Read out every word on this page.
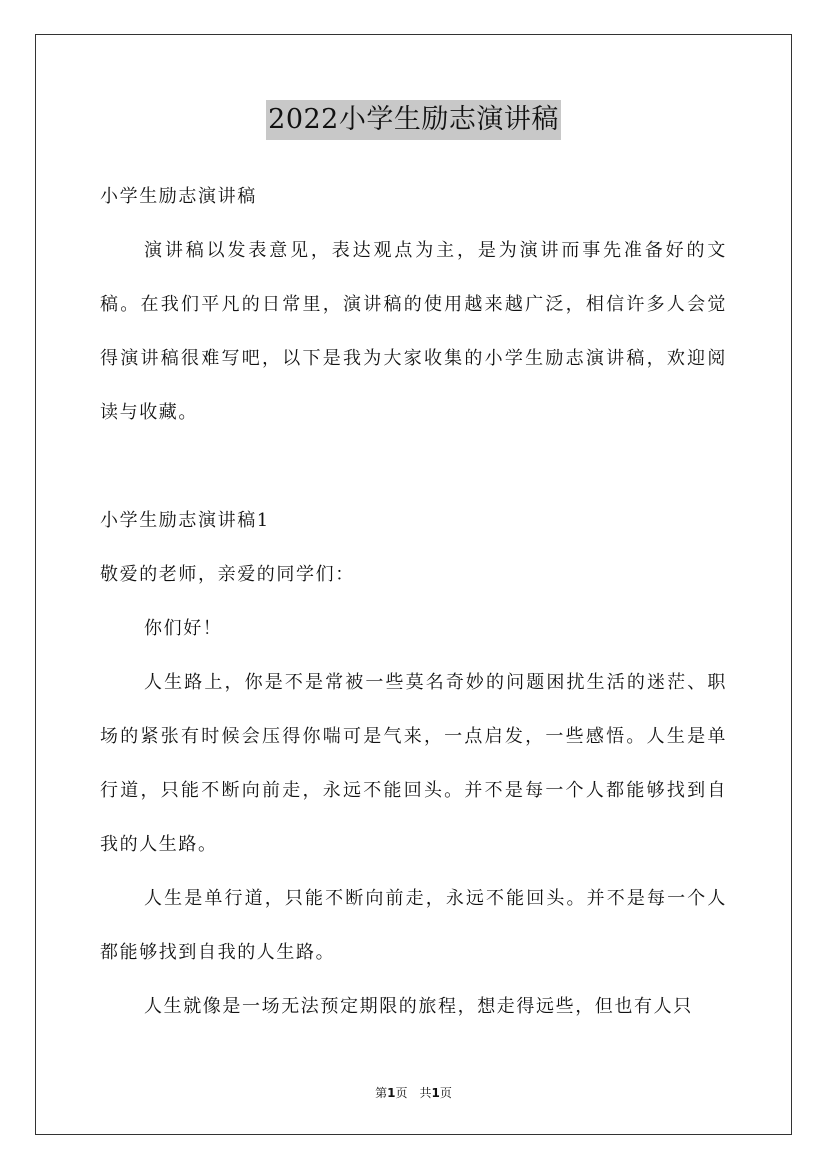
2022小学生励志演讲稿
小学生励志演讲稿

演讲稿以发表意见，表达观点为主，是为演讲而事先准备好的文稿。在我们平凡的日常里，演讲稿的使用越来越广泛，相信许多人会觉得演讲稿很难写吧，以下是我为大家收集的小学生励志演讲稿，欢迎阅读与收藏。

小学生励志演讲稿1
敬爱的老师，亲爱的同学们：

你们好！

人生路上，你是不是常被一些莫名奇妙的问题困扰生活的迷茫、职场的紧张有时候会压得你喘可是气来，一点启发，一些感悟。人生是单行道，只能不断向前走，永远不能回头。并不是每一个人都能够找到自我的人生路。

人生是单行道，只能不断向前走，永远不能回头。并不是每一个人都能够找到自我的人生路。

人生就像是一场无法预定期限的旅程，想走得远些，但也有人只

第1页　共1页
